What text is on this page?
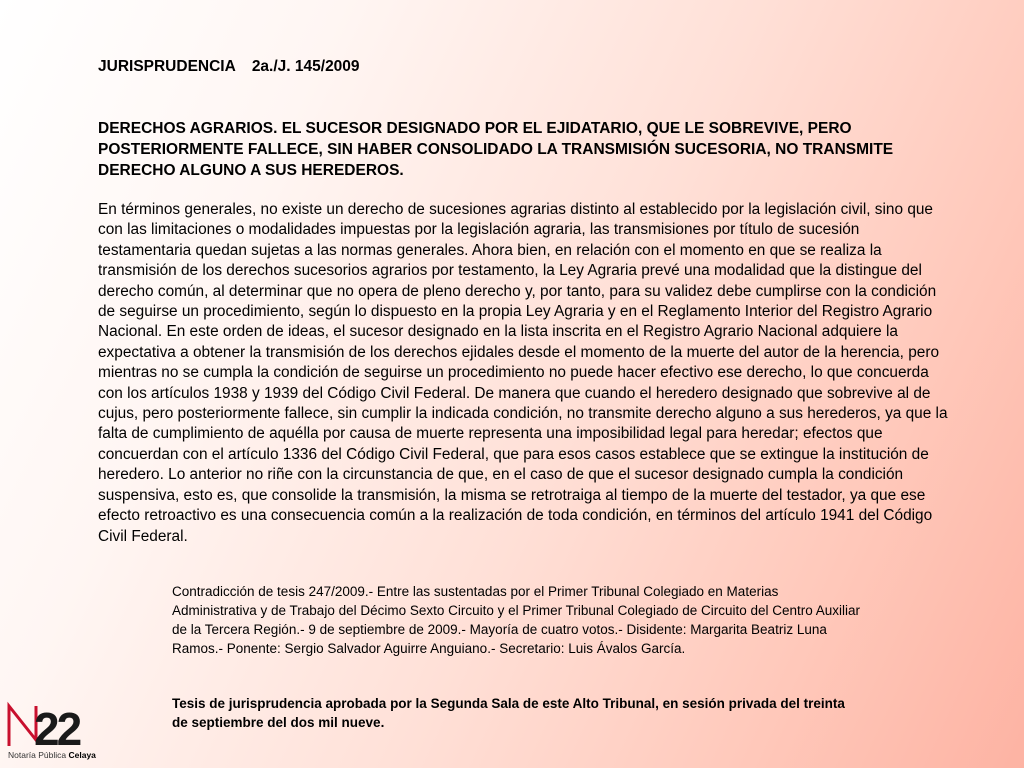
JURISPRUDENCIA 2a./J. 145/2009

DERECHOS AGRARIOS. EL SUCESOR DESIGNADO POR EL EJIDATARIO, QUE LE SOBREVIVE, PERO POSTERIORMENTE FALLECE, SIN HABER CONSOLIDADO LA TRANSMISIÓN SUCESORIA, NO TRANSMITE DERECHO ALGUNO A SUS HEREDEROS.

En términos generales, no existe un derecho de sucesiones agrarias distinto al establecido por la legislación civil, sino que con las limitaciones o modalidades impuestas por la legislación agraria, las transmisiones por título de sucesión testamentaria quedan sujetas a las normas generales. Ahora bien, en relación con el momento en que se realiza la transmisión de los derechos sucesorios agrarios por testamento, la Ley Agraria prevé una modalidad que la distingue del derecho común, al determinar que no opera de pleno derecho y, por tanto, para su validez debe cumplirse con la condición de seguirse un procedimiento, según lo dispuesto en la propia Ley Agraria y en el Reglamento Interior del Registro Agrario Nacional. En este orden de ideas, el sucesor designado en la lista inscrita en el Registro Agrario Nacional adquiere la expectativa a obtener la transmisión de los derechos ejidales desde el momento de la muerte del autor de la herencia, pero mientras no se cumpla la condición de seguirse un procedimiento no puede hacer efectivo ese derecho, lo que concuerda con los artículos 1938 y 1939 del Código Civil Federal. De manera que cuando el heredero designado que sobrevive al de cujus, pero posteriormente fallece, sin cumplir la indicada condición, no transmite derecho alguno a sus herederos, ya que la falta de cumplimiento de aquélla por causa de muerte representa una imposibilidad legal para heredar; efectos que concuerdan con el artículo 1336 del Código Civil Federal, que para esos casos establece que se extingue la institución de heredero. Lo anterior no riñe con la circunstancia de que, en el caso de que el sucesor designado cumpla la condición suspensiva, esto es, que consolide la transmisión, la misma se retrotraiga al tiempo de la muerte del testador, ya que ese efecto retroactivo es una consecuencia común a la realización de toda condición, en términos del artículo 1941 del Código Civil Federal.

Contradicción de tesis 247/2009.- Entre las sustentadas por el Primer Tribunal Colegiado en Materias Administrativa y de Trabajo del Décimo Sexto Circuito y el Primer Tribunal Colegiado de Circuito del Centro Auxiliar de la Tercera Región.- 9 de septiembre de 2009.- Mayoría de cuatro votos.- Disidente: Margarita Beatriz Luna Ramos.- Ponente: Sergio Salvador Aguirre Anguiano.- Secretario: Luis Ávalos García.

Tesis de jurisprudencia aprobada por la Segunda Sala de este Alto Tribunal, en sesión privada del treinta de septiembre del dos mil nueve.

22
Notaría Pública Celaya
